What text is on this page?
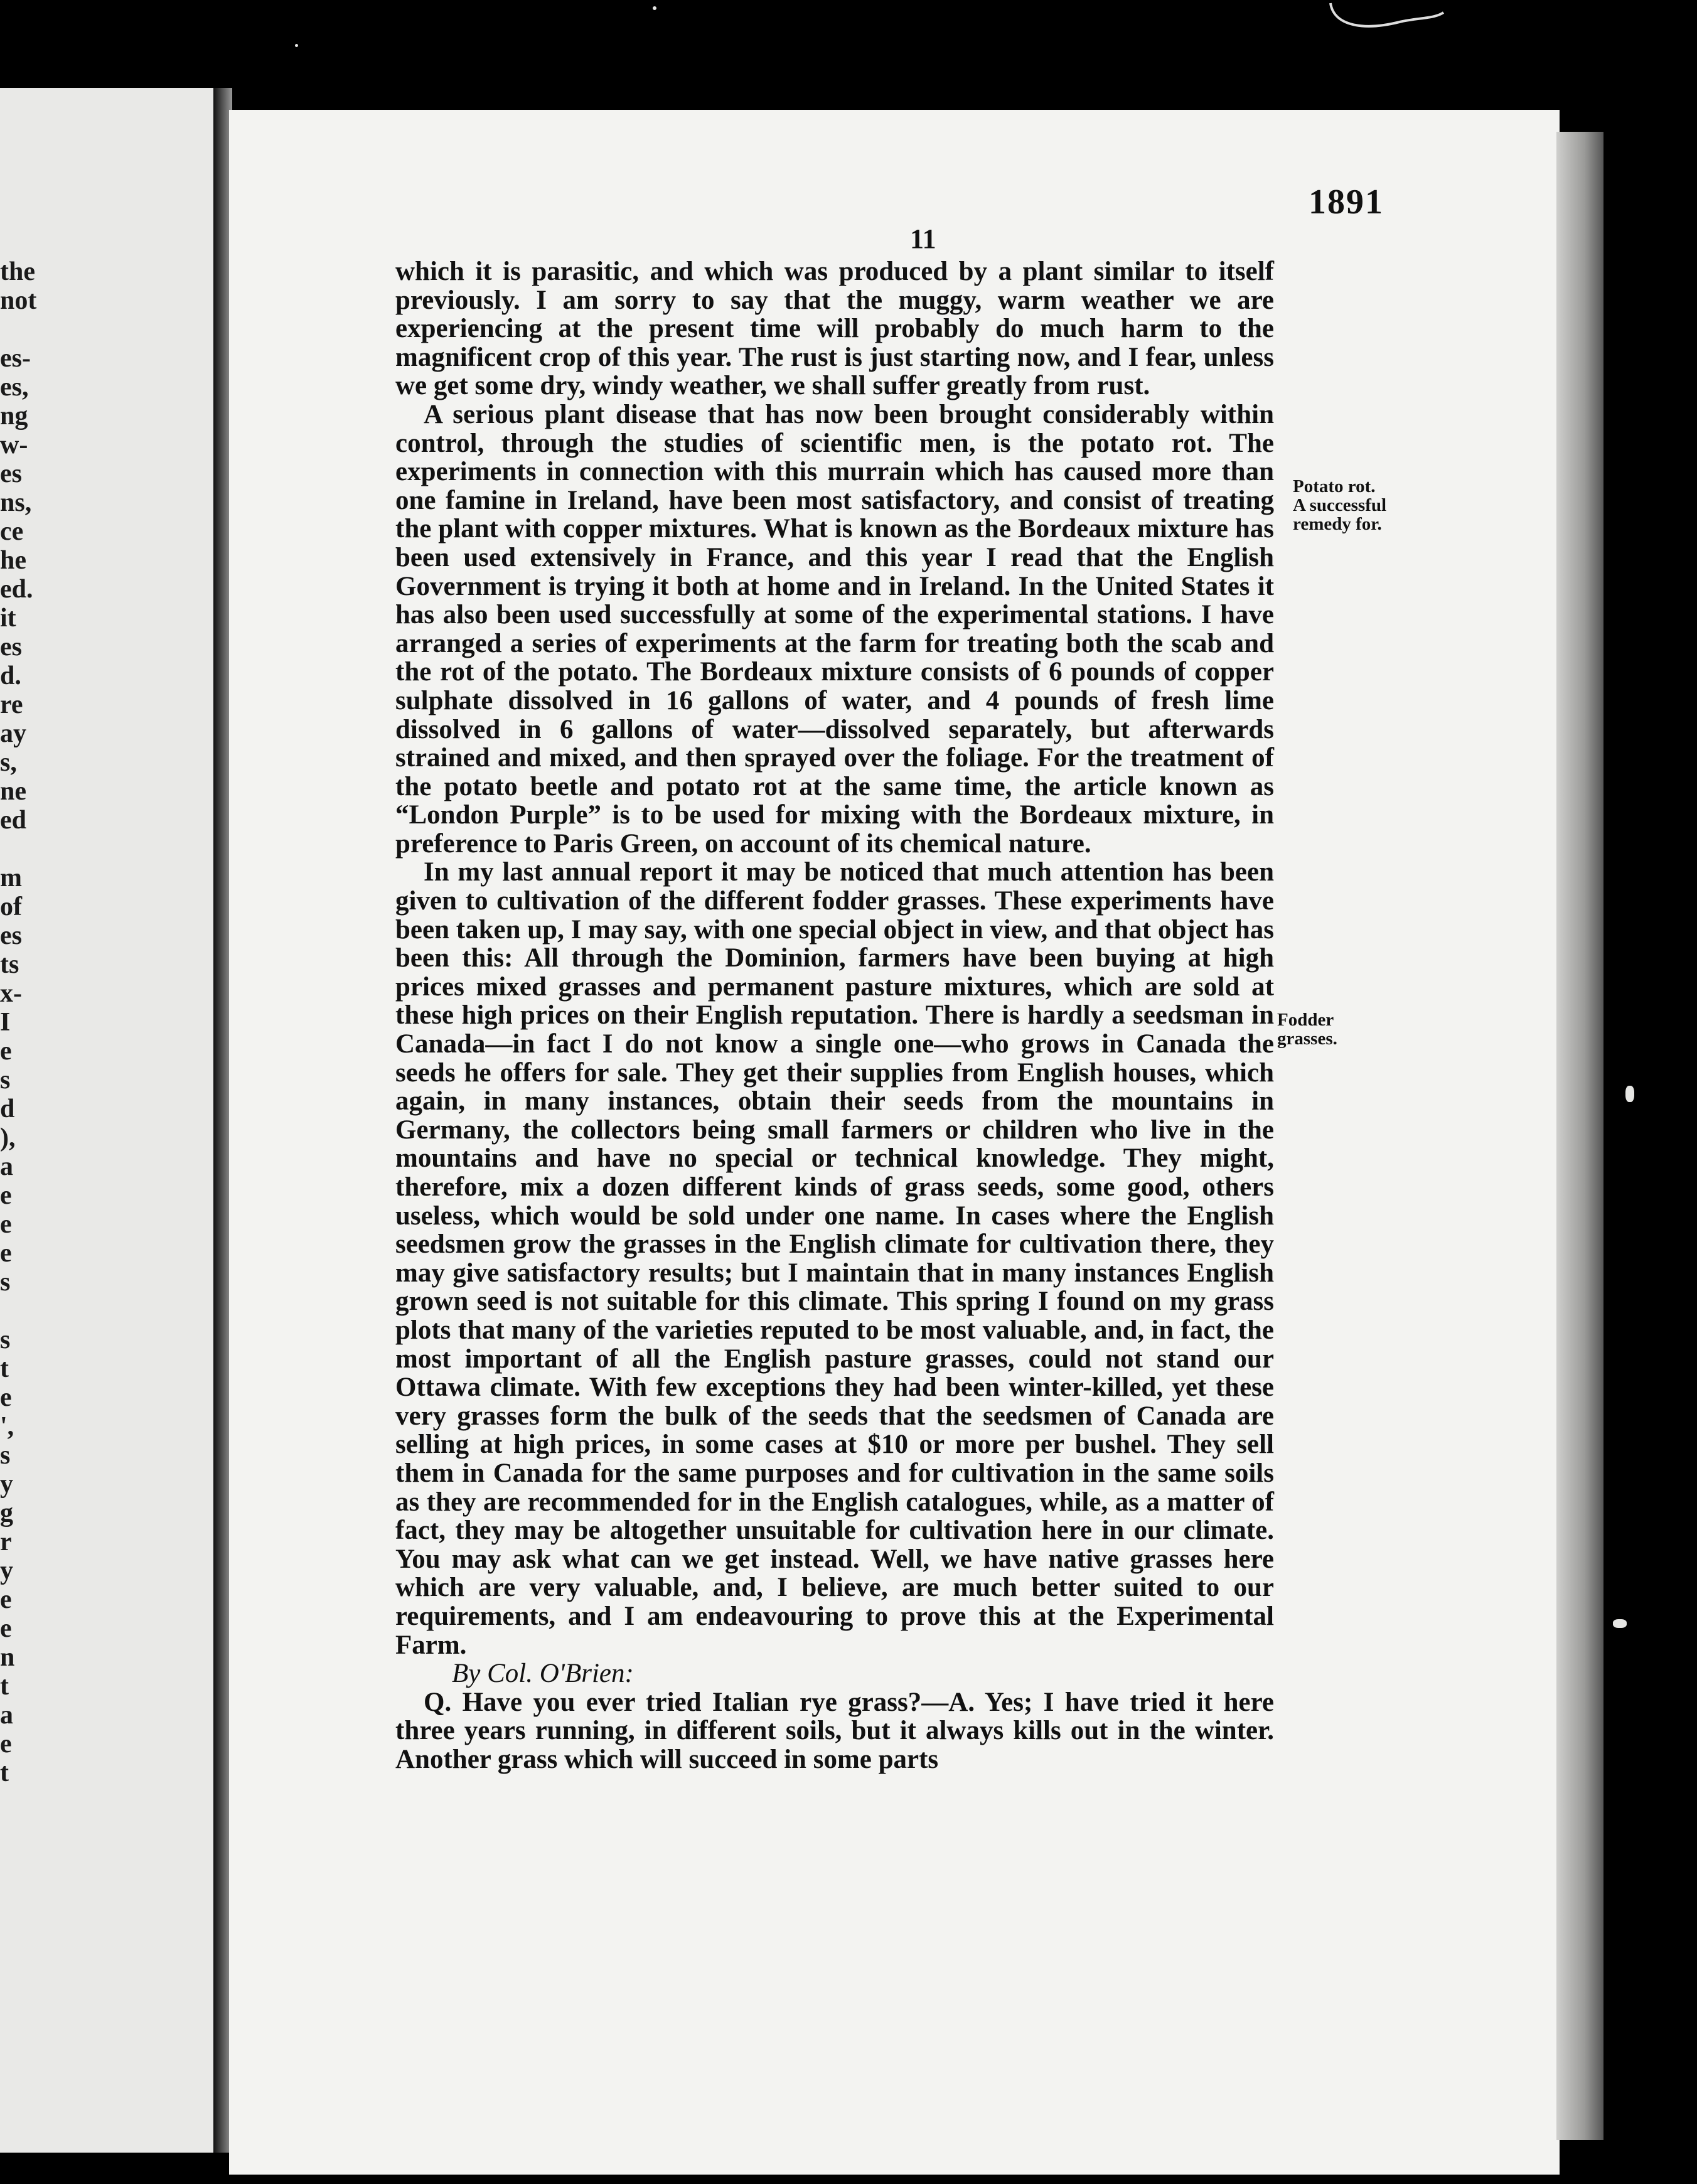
the
not
es-
es,
ng
w-
es
ns,
ce
he
ed.
it
es
d.
re
ay
s,
ne
ed
m
of
es
ts
x-
I
e
s
d
),
a
e
e
e
s
s
t
e
',
s
y
g
r
y
e
e
n
t
a
e
t
1891
11

which it is parasitic, and which was produced by a plant similar to itself previously. I am sorry to say that the muggy, warm weather we are experiencing at the present time will probably do much harm to the magnificent crop of this year. The rust is just starting now, and I fear, unless we get some dry, windy weather, we shall suffer greatly from rust.

A serious plant disease that has now been brought considerably within control, through the studies of scientific men, is the potato rot. The experiments in connection with this murrain which has caused more than one famine in Ireland, have been most satisfactory, and consist of treating the plant with copper mixtures. What is known as the Bordeaux mixture has been used extensively in France, and this year I read that the English Government is trying it both at home and in Ireland. In the United States it has also been used successfully at some of the experimental stations. I have arranged a series of experiments at the farm for treating both the scab and the rot of the potato. The Bordeaux mixture consists of 6 pounds of copper sulphate dissolved in 16 gallons of water, and 4 pounds of fresh lime dissolved in 6 gallons of water—dissolved separately, but afterwards strained and mixed, and then sprayed over the foliage. For the treatment of the potato beetle and potato rot at the same time, the article known as “London Purple” is to be used for mixing with the Bordeaux mixture, in preference to Paris Green, on account of its chemical nature.

In my last annual report it may be noticed that much attention has been given to cultivation of the different fodder grasses. These experiments have been taken up, I may say, with one special object in view, and that object has been this: All through the Dominion, farmers have been buying at high prices mixed grasses and permanent pasture mixtures, which are sold at these high prices on their English reputation. There is hardly a seedsman in Canada—in fact I do not know a single one—who grows in Canada the seeds he offers for sale. They get their supplies from English houses, which again, in many instances, obtain their seeds from the mountains in Germany, the collectors being small farmers or children who live in the mountains and have no special or technical knowledge. They might, therefore, mix a dozen different kinds of grass seeds, some good, others useless, which would be sold under one name. In cases where the English seedsmen grow the grasses in the English climate for cultivation there, they may give satisfactory results; but I maintain that in many instances English grown seed is not suitable for this climate. This spring I found on my grass plots that many of the varieties reputed to be most valuable, and, in fact, the most important of all the English pasture grasses, could not stand our Ottawa climate. With few exceptions they had been winter-killed, yet these very grasses form the bulk of the seeds that the seedsmen of Canada are selling at high prices, in some cases at $10 or more per bushel. They sell them in Canada for the same purposes and for cultivation in the same soils as they are recommended for in the English catalogues, while, as a matter of fact, they may be altogether unsuitable for cultivation here in our climate. You may ask what can we get instead. Well, we have native grasses here which are very valuable, and, I believe, are much better suited to our requirements, and I am endeavouring to prove this at the Experimental Farm.

By Col. O'Brien:

Q. Have you ever tried Italian rye grass?—A. Yes; I have tried it here three years running, in different soils, but it always kills out in the winter. Another grass which will succeed in some parts

Potato rot.
A successful
remedy for.
Fodder
grasses.
